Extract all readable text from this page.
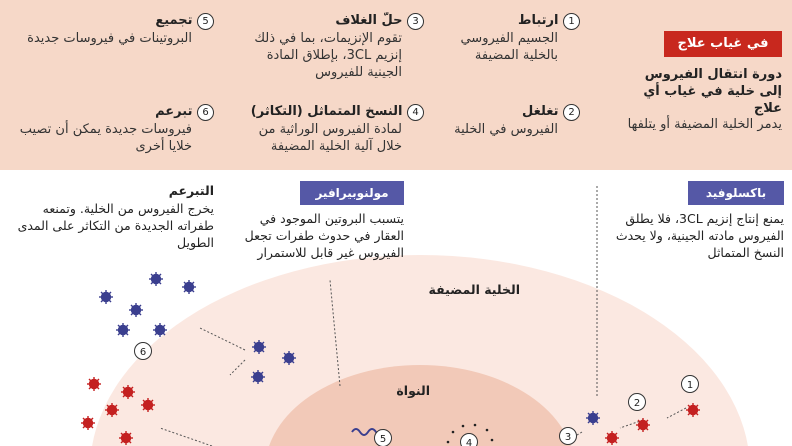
في غياب علاج
دورة انتقال الفيروس إلى خلية في غياب أي علاج
يدمر الخلية المضيفة أو يتلفها
1 ارتباط
الجسيم الفيروسي بالخلية المضيفة
2 تغلغل
الفيروس في الخلية
3 حلّ الغلاف
تقوم الإنزيمات، بما في ذلك إنزيم 3CL، بإطلاق المادة الجينية للفيروس
4 النسخ المتماثل (التكاثر)
لمادة الفيروس الوراثية من خلال آلية الخلية المضيفة
5 تجميع
البروتينات في فيروسات جديدة
6 تبرعم
فيروسات جديدة يمكن أن تصيب خلايا أخرى
6
5	4
3
2
1
التبرعم
يخرج الفيروس من الخلية. وتمنعه طفراته الجديدة من التكاثر على المدى الطويل
مولنوبيرافير
يتسبب البروتين الموجود في العقار في حدوث طفرات تجعل الفيروس غير قابل للاستمرار
باكسلوفيد
يمنع إنتاج إنزيم 3CL، فلا يطلق الفيروس مادته الجينية، ولا يحدث النسخ المتماثل
الخلية المضيفة
النواة
